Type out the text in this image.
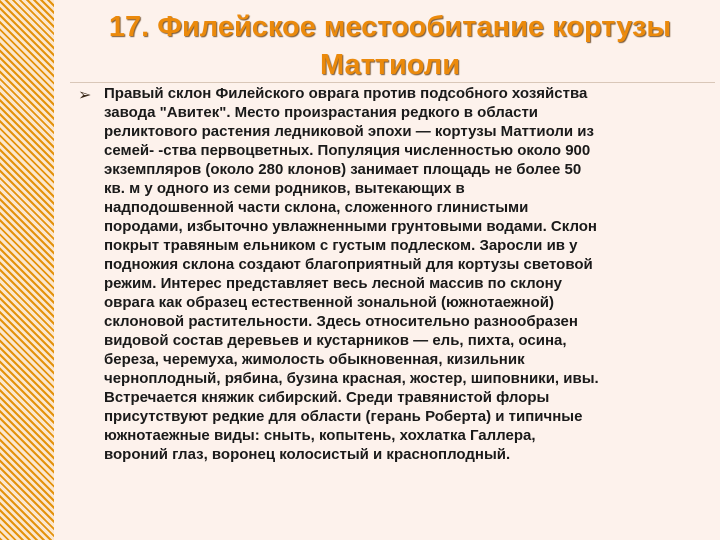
17. Филейское местообитание кортузы
Маттиоли
➢ Правый склон Филейского оврага против подсобного хозяйства
завода "Авитек". Место произрастания редкого в области
реликтового растения ледниковой эпохи — кортузы Маттиоли из
семей- -ства первоцветных. Популяция численностью около 900
экземпляров (около 280 клонов) занимает площадь не более 50
кв. м у одного из семи родников, вытекающих в
надподошвенной части склона, сложенного глинистыми
породами, избыточно увлажненными грунтовыми водами. Склон
покрыт травяным ельником с густым подлеском. Заросли ив у
подножия склона создают благоприятный для кортузы световой
режим. Интерес представляет весь лесной массив по склону
оврага как образец естественной зональной (южнотаежной)
склоновой растительности. Здесь относительно разнообразен
видовой состав деревьев и кустарников — ель, пихта, осина,
береза, черемуха, жимолость обыкновенная, кизильник
черноплодный, рябина, бузина красная, жостер, шиповники, ивы.
Встречается княжик сибирский. Среди травянистой флоры
присутствуют редкие для области (герань Роберта) и типичные
южнотаежные виды: сныть, копытень, хохлатка Галлера,
вороний глаз, воронец колосистый и красноплодный.
